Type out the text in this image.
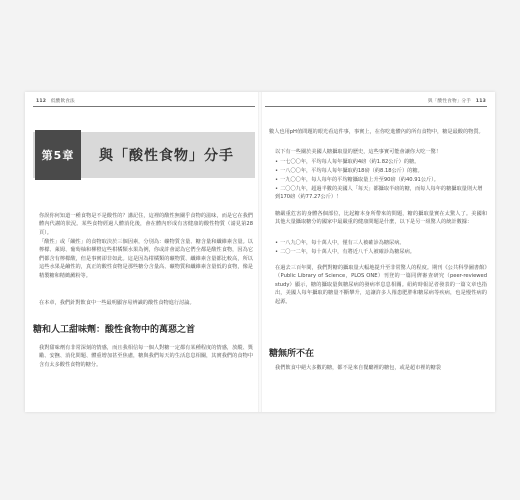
112 低酸飲食法
第5章	與「酸性食物」分手

你誤你何知道一種食物是不是酸性的？講記住，這裡的酸性無關乎食物的滋味，而是它在我們體內代謝的狀況。某些食物經過人體消化後，會在體內形成有害健康的酸性物質（請見第28頁）。

「酸性」或「鹼性」的食物取決於三個因素，分別為：礦物質含量、糖含量和纖維素含量。以檸檬、萊姆、葡萄柚和柳橙這些柑橘類水果為例，你或許會認為它們全都是酸性食物，因為它們都含有檸檬酸，但是事實卻非如此。這是因為柑橘類的礦物質、纖維素含量都比較高，所以這些水果是鹼性的，真正的酸性食物是那些糖分含量高、礦物質和纖維素含量低的食物，像是精製糖和精緻澱粉等。

在本章，我們針對飲食中一些最明顯容易辨識的酸性食物進行討論。

糖和人工甜味劑：酸性食物中的萬惡之首

我對甜味劑有非常深刻的情感，而且我相信每一個人對糖一定都有某種程度的情感，放縱、獎勵、安撫、消化問題、體重增加甚至焦慮，糖與我們每天的生活息息相關，其實我們的食物中含有太多酸性食物的糖分。

與「酸性食物」分手 113

數人也用pH值問題的眼光看這件事，事實上，在你吃進體內的所有食物中，糖是最酸的物質。

以下有一些關於美國人糖攝取量的歷史，這些事實可能會讓你大吃一驚！

• 一七〇〇年，平均每人每年攝取約4磅（約1.82公斤）的糖。
• 一八〇〇年，平均每人每年攝取約18磅（約8.18公斤）的糖。
• 一九〇〇年，每人每年的平均糖攝取量上升至90磅（約40.91公斤）。
• 二〇〇九年，超過半數的美國人「每天」都攝取半磅的糖，而每人每年的糖攝取量則大增到170磅（約77.27公斤）！

糖嚴重危害的身體各個部位，比起糖本身所帶來的問題，糖的攝取量實在太驚人了。美國和其他大量攝取糖分的國家中最嚴重的健康問題是什麼，以下是另一組驚人的統計數據：

• 一八九〇年，每十萬人中，僅有三人被確診為糖尿病。
• 二〇一二年，每十萬人中，有將近八千人被確診為糖尿病。

在過去三百年間，我們對糖的攝取量大幅地提升至非常驚人的程度。期刊《公共科學圖書館》（Public Library of Science，PLOS ONE）刊登的一篇同儕審查研究（peer-reviewed study）顯示，糖的攝取量與糖尿病的發病率息息相關。紐約時報記者發表的一篇文章也指出，美國人每年攝取的糖量不斷攀升，這讓許多人罹患肥胖和糖尿病等疾病，也是慢性病的起源。

糖無所不在

我們飲食中絕大多數的糖，都不是來自餐廳裡的糖包，或是超市裡的糖袋
